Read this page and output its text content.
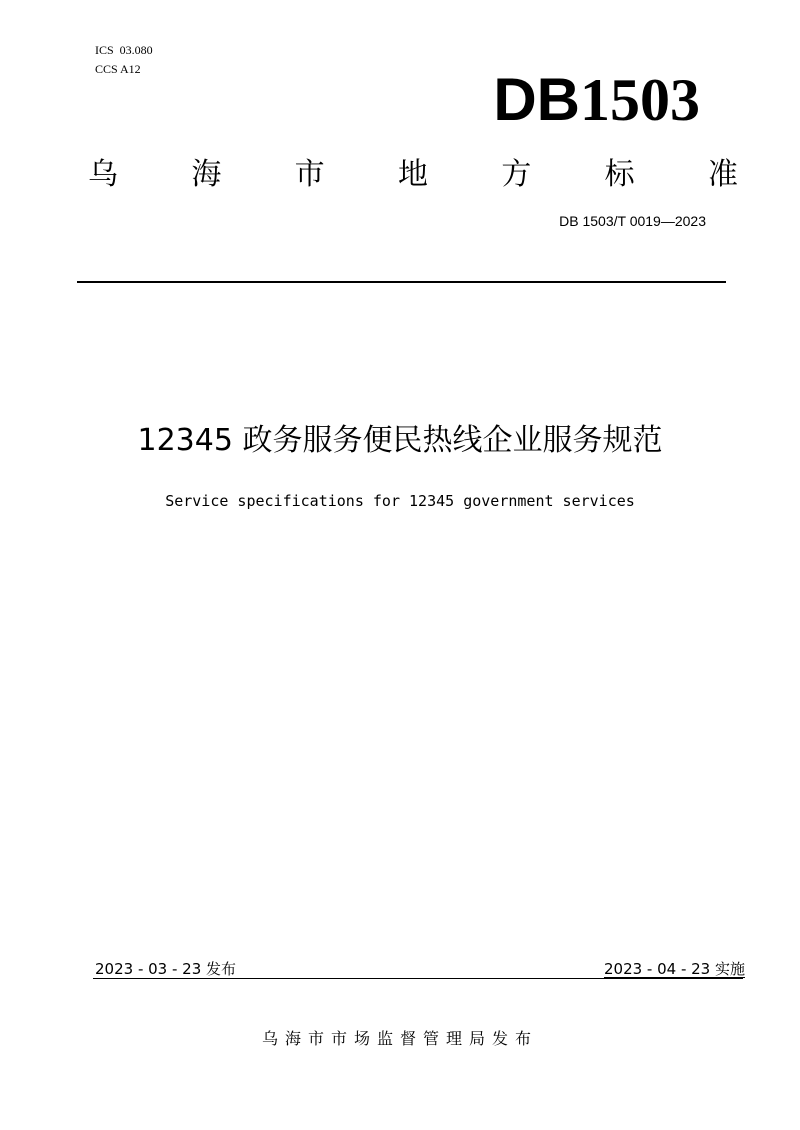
ICS  03.080
CCS A12	DB1503
乌 海 市 地 方 标 准
DB 1503/T 0019—2023
12345 政务服务便民热线企业服务规范
Service specifications for 12345 government services
2023 - 03 - 23 发布	2023 - 04 - 23 实施
乌海市市场监督管理局发布
